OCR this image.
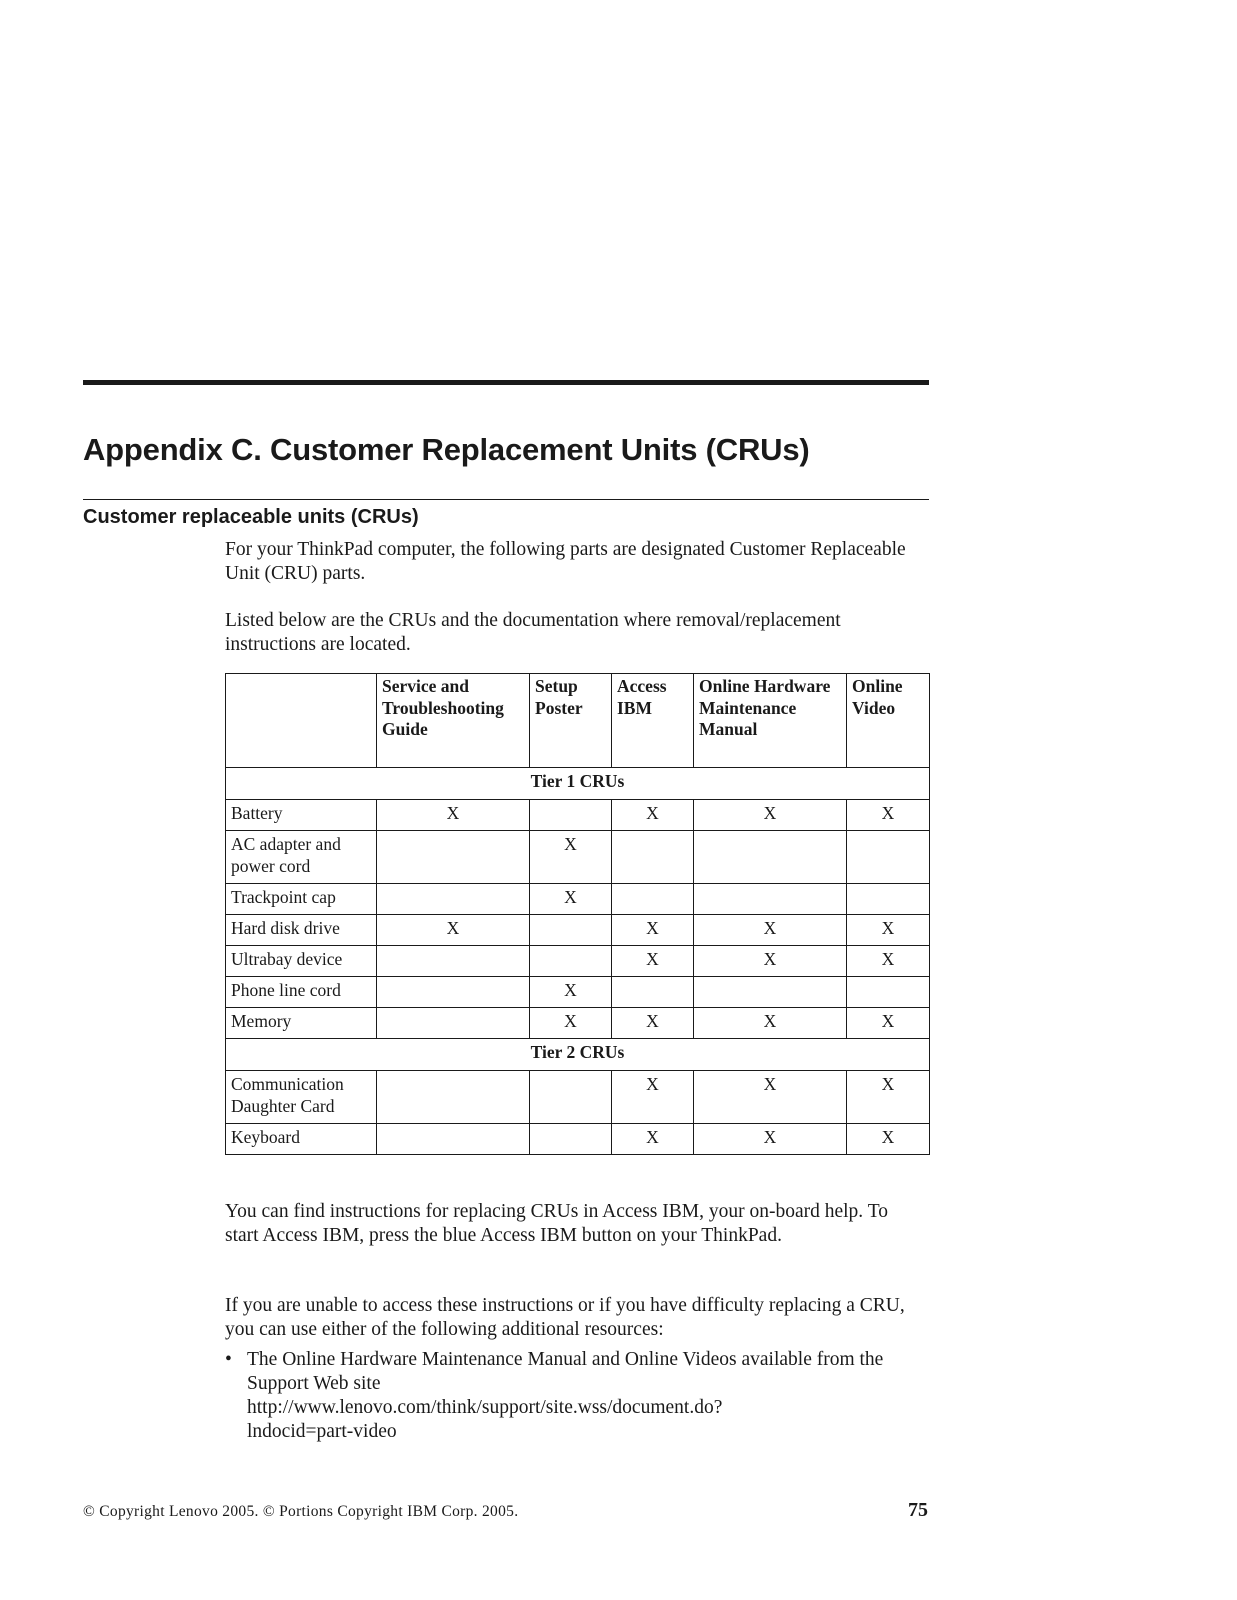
Appendix C. Customer Replacement Units (CRUs)
Customer replaceable units (CRUs)

For your ThinkPad computer, the following parts are designated Customer Replaceable Unit (CRU) parts.

Listed below are the CRUs and the documentation where removal/replacement instructions are located.

	Service and Troubleshooting Guide	Setup Poster	Access IBM	Online Hardware Maintenance Manual	Online Video
Tier 1 CRUs					
Battery	X		X	X	X
AC adapter and power cord		X			
Trackpoint cap		X			
Hard disk drive	X		X	X	X
Ultrabay device			X	X	X
Phone line cord		X			
Memory		X	X	X	X
Tier 2 CRUs					
Communication Daughter Card			X	X	X
Keyboard			X	X	X

You can find instructions for replacing CRUs in Access IBM, your on-board help. To start Access IBM, press the blue Access IBM button on your ThinkPad.

If you are unable to access these instructions or if you have difficulty replacing a CRU, you can use either of the following additional resources:

• The Online Hardware Maintenance Manual and Online Videos available from the Support Web site
http://www.lenovo.com/think/support/site.wss/document.do?
lndocid=part-video

© Copyright Lenovo 2005. © Portions Copyright IBM Corp. 2005.	75
